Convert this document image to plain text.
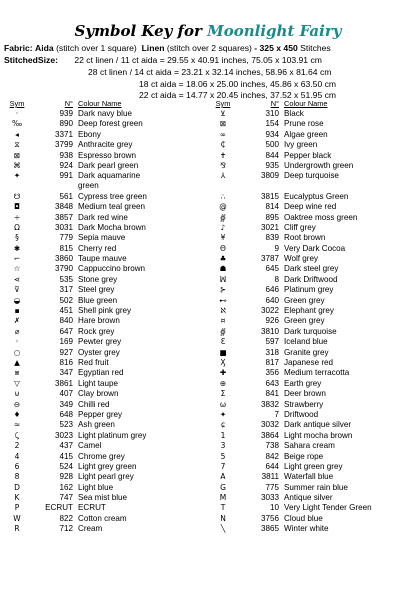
Symbol Key for Moonlight Fairy
Fabric: Aida (stitch over 1 square) Linen (stitch over 2 squares) - 325 x 450 Stitches
StitchedSize: 22 ct linen / 11 ct aida = 29.55 x 40.91 inches, 75.05 x 103.91 cm
28 ct linen / 14 ct aida = 23.21 x 32.14 inches, 58.96 x 81.64 cm
18 ct aida = 18.06 x 25.00 inches, 45.86 x 63.50 cm
22 ct aida = 14.77 x 20.45 inches, 37.52 x 51.95 cm
Sym	N° Colour Name
·	939 Dark navy blue
‰	890 Deep forest green
◂	3371 Ebony
⧖	3799 Anthracite grey
⊠	938 Espresso brown
⌘	924 Dark pearl green
✦	991 Dark aquamarine green
☋	561 Cypress tree green
◘	3848 Medium teal green
÷	3857 Dark red wine
Ω	3031 Dark Mocha brown
§	779 Sepia mauve
✱	815 Cherry red
⌐	3860 Taupe mauve
☆	3790 Cappuccino brown
⋖	535 Stone grey
⊽	317 Steel grey
◒	502 Blue green
▪	451 Shell pink grey
✗	840 Hare brown
⌀	647 Rock grey
◦	169 Pewter grey
○	927 Oyster grey
▲	816 Red fruit
⩎	347 Egyptian red
▽	3861 Light taupe
⊍	407 Clay brown
⊖	349 Chilli red
♦	648 Pepper grey
≈	523 Ash green
⤹	3023 Light platinum grey
2	437 Camel
4	415 Chrome grey
6	524 Light grey green
8	928 Light pearl grey
D	162 Light blue
K	747 Sea mist blue
P	ECRUT ECRUT
W	822 Cotton cream
R	712 Cream
Sym	N° Colour Name
⊻	310 Black
⊠	154 Prune rose
∞	934 Algae green
₵	500 Ivy green
✝	844 Pepper black
⅋	935 Undergrowth green
⅄	3809 Deep turquoise
∴	3815 Eucalyptus Green
@	814 Deep wine red
∯	895 Oaktree moss green
♪	3021 Cliff grey
¥	839 Root brown
Θ	9 Very Dark Cocoa
♣	3787 Wolf grey
☗	645 Dark steel grey
ꟽ	8 Dark Driftwood
⊱	646 Platinum grey
⊷	640 Green grey
ℵ	3022 Elephant grey
¤	926 Green grey
∯	3810 Dark turquoise
Ɛ	597 Iceland blue
■	318 Granite grey
Ӽ	817 Japanese red
✚	356 Medium terracotta
⊕	643 Earth grey
Σ	841 Deer brown
ω	3832 Strawberry
✦	7 Driftwood
ɕ	3032 Dark antique silver
1	3864 Light mocha brown
3	738 Sahara cream
5	842 Beige rope
7	644 Light green grey
A	3811 Waterfall blue
G	775 Summer rain blue
M	3033 Antique silver
T	10 Very Light Tender Green
N	3756 Cloud blue
╲	3865 Winter white
